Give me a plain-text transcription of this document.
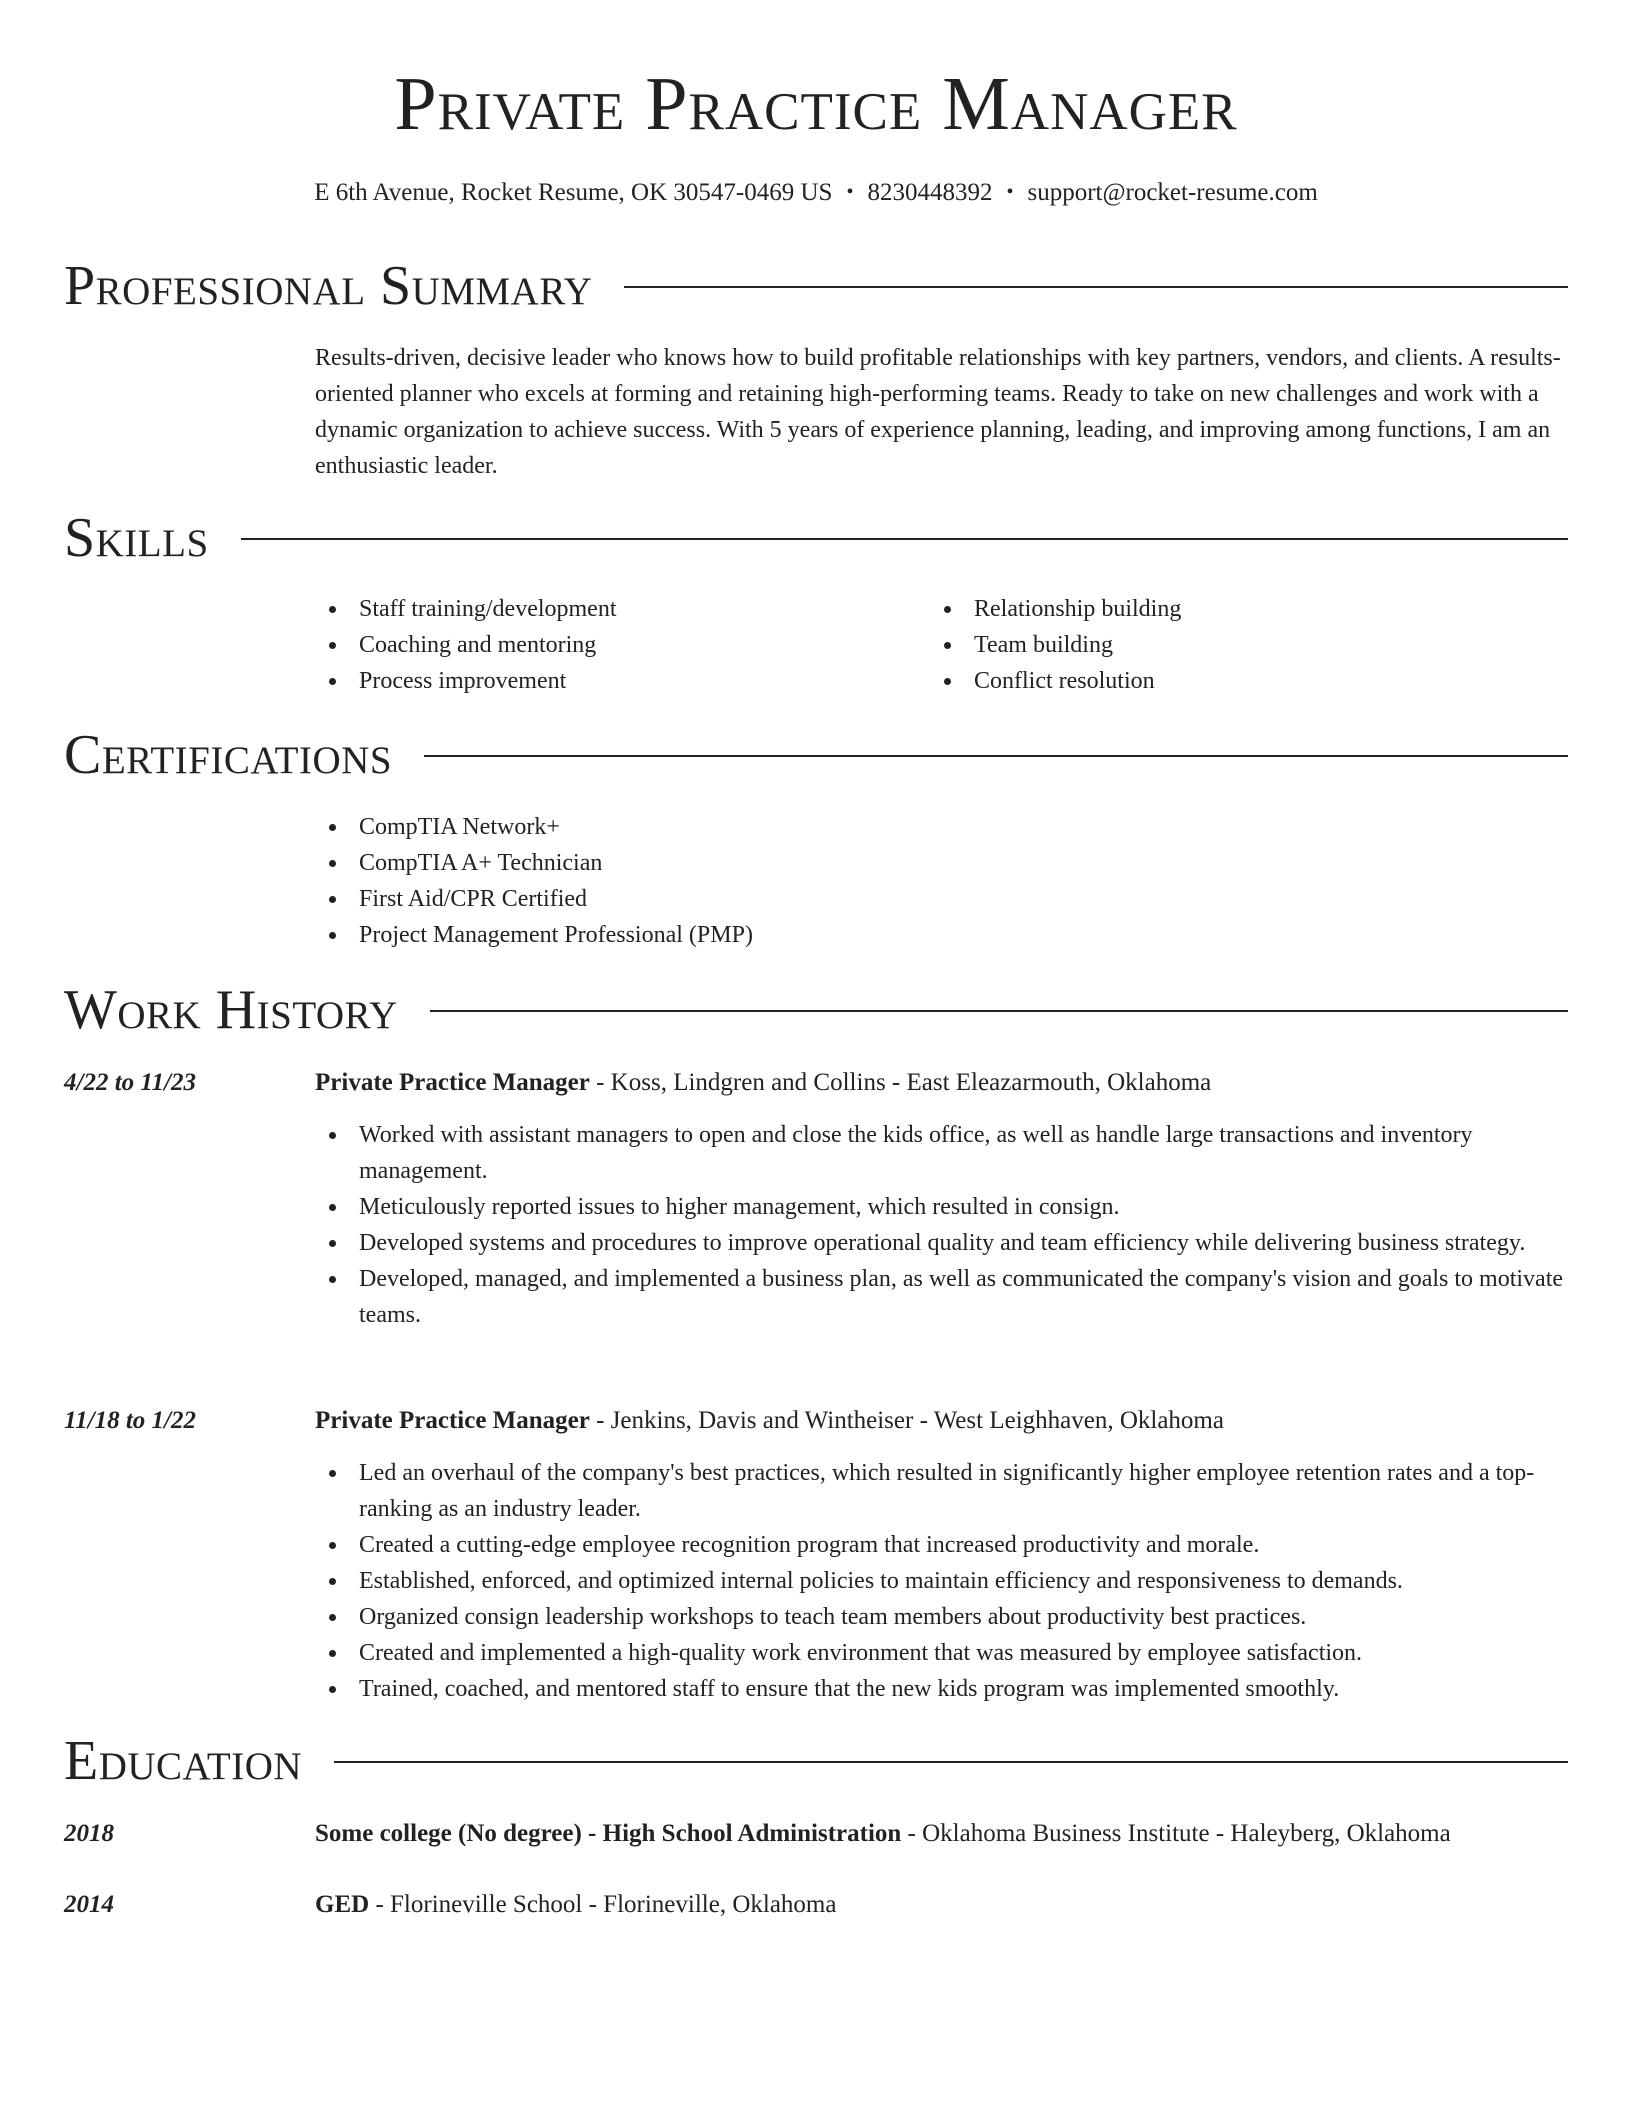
Private Practice Manager
E 6th Avenue, Rocket Resume, OK 30547-0469 US • 8230448392 • support@rocket-resume.com
Professional Summary

Results-driven, decisive leader who knows how to build profitable relationships with key partners, vendors, and clients. A results-oriented planner who excels at forming and retaining high-performing teams. Ready to take on new challenges and work with a dynamic organization to achieve success. With 5 years of experience planning, leading, and improving among functions, I am an enthusiastic leader.

Skills
Staff training/development
Coaching and mentoring
Process improvement
Relationship building
Team building
Conflict resolution
Certifications
CompTIA Network+
CompTIA A+ Technician
First Aid/CPR Certified
Project Management Professional (PMP)
Work History
4/22 to 11/23	Private Practice Manager - Koss, Lindgren and Collins - East Eleazarmouth, Oklahoma
Worked with assistant managers to open and close the kids office, as well as handle large transactions and inventory management.
Meticulously reported issues to higher management, which resulted in consign.
Developed systems and procedures to improve operational quality and team efficiency while delivering business strategy.
Developed, managed, and implemented a business plan, as well as communicated the company's vision and goals to motivate teams.
11/18 to 1/22	Private Practice Manager - Jenkins, Davis and Wintheiser - West Leighhaven, Oklahoma
Led an overhaul of the company's best practices, which resulted in significantly higher employee retention rates and a top-ranking as an industry leader.
Created a cutting-edge employee recognition program that increased productivity and morale.
Established, enforced, and optimized internal policies to maintain efficiency and responsiveness to demands.
Organized consign leadership workshops to teach team members about productivity best practices.
Created and implemented a high-quality work environment that was measured by employee satisfaction.
Trained, coached, and mentored staff to ensure that the new kids program was implemented smoothly.
Education
2018	Some college (No degree) - High School Administration - Oklahoma Business Institute - Haleyberg, Oklahoma
2014	GED - Florineville School - Florineville, Oklahoma
